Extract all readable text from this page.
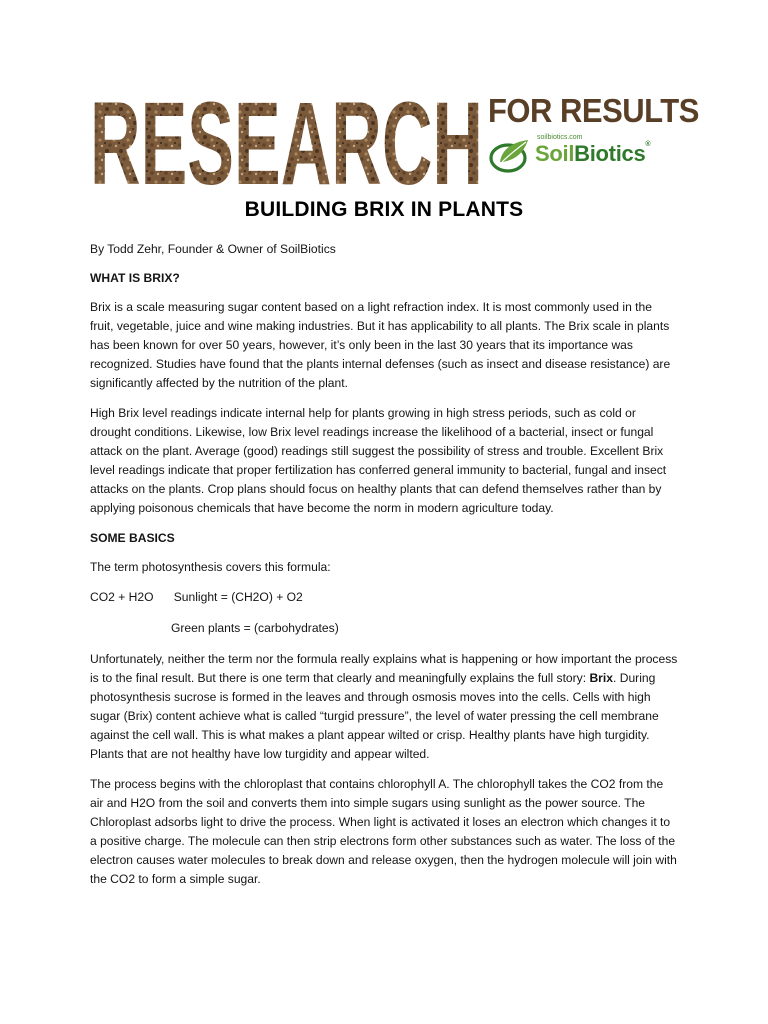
RESEARCH FOR RESULTS
soilbiotics.com
SoilBiotics®
BUILDING BRIX IN PLANTS

By Todd Zehr, Founder & Owner of SoilBiotics

WHAT IS BRIX?

Brix is a scale measuring sugar content based on a light refraction index. It is most commonly used in the fruit, vegetable, juice and wine making industries. But it has applicability to all plants. The Brix scale in plants has been known for over 50 years, however, it’s only been in the last 30 years that its importance was recognized. Studies have found that the plants internal defenses (such as insect and disease resistance) are significantly affected by the nutrition of the plant.

High Brix level readings indicate internal help for plants growing in high stress periods, such as cold or drought conditions. Likewise, low Brix level readings increase the likelihood of a bacterial, insect or fungal attack on the plant. Average (good) readings still suggest the possibility of stress and trouble. Excellent Brix level readings indicate that proper fertilization has conferred general immunity to bacterial, fungal and insect attacks on the plants. Crop plans should focus on healthy plants that can defend themselves rather than by applying poisonous chemicals that have become the norm in modern agriculture today.

SOME BASICS

The term photosynthesis covers this formula:

CO2 + H2O Sunlight = (CH2O) + O2

Green plants = (carbohydrates)

Unfortunately, neither the term nor the formula really explains what is happening or how important the process is to the final result. But there is one term that clearly and meaningfully explains the full story: Brix. During photosynthesis sucrose is formed in the leaves and through osmosis moves into the cells. Cells with high sugar (Brix) content achieve what is called “turgid pressure”, the level of water pressing the cell membrane against the cell wall. This is what makes a plant appear wilted or crisp. Healthy plants have high turgidity. Plants that are not healthy have low turgidity and appear wilted.

The process begins with the chloroplast that contains chlorophyll A. The chlorophyll takes the CO2 from the air and H2O from the soil and converts them into simple sugars using sunlight as the power source. The Chloroplast adsorbs light to drive the process. When light is activated it loses an electron which changes it to a positive charge. The molecule can then strip electrons form other substances such as water. The loss of the electron causes water molecules to break down and release oxygen, then the hydrogen molecule will join with the CO2 to form a simple sugar.
